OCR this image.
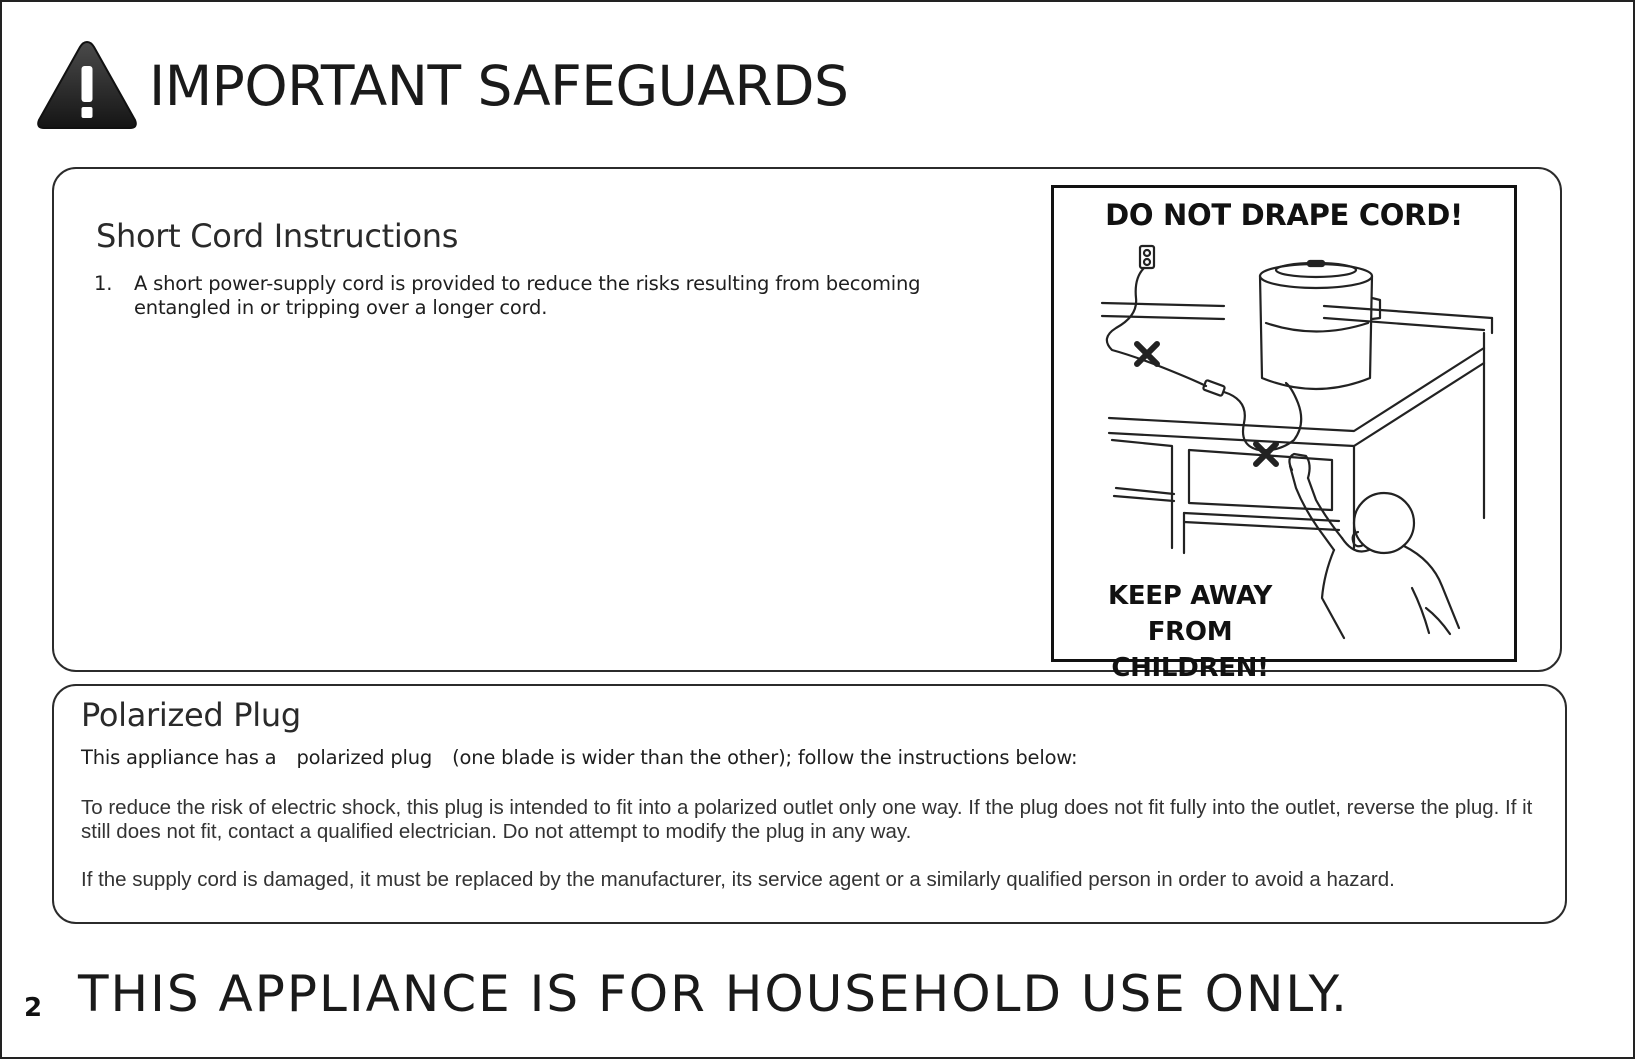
IMPORTANT SAFEGUARDS
Short Cord Instructions
1. A short power-supply cord is provided to reduce the risks resulting from becoming entangled in or tripping over a longer cord.
DO NOT DRAPE CORD!
KEEP AWAY
FROM CHILDREN!
Polarized Plug
This appliance has a polarized plug (one blade is wider than the other); follow the instructions below:

To reduce the risk of electric shock, this plug is intended to fit into a polarized outlet only one way. If the plug does not fit fully into the outlet, reverse the plug. If it still does not fit, contact a qualified electrician. Do not attempt to modify the plug in any way.

If the supply cord is damaged, it must be replaced by the manufacturer, its service agent or a similarly qualified person in order to avoid a hazard.

2 THIS APPLIANCE IS FOR HOUSEHOLD USE ONLY.
